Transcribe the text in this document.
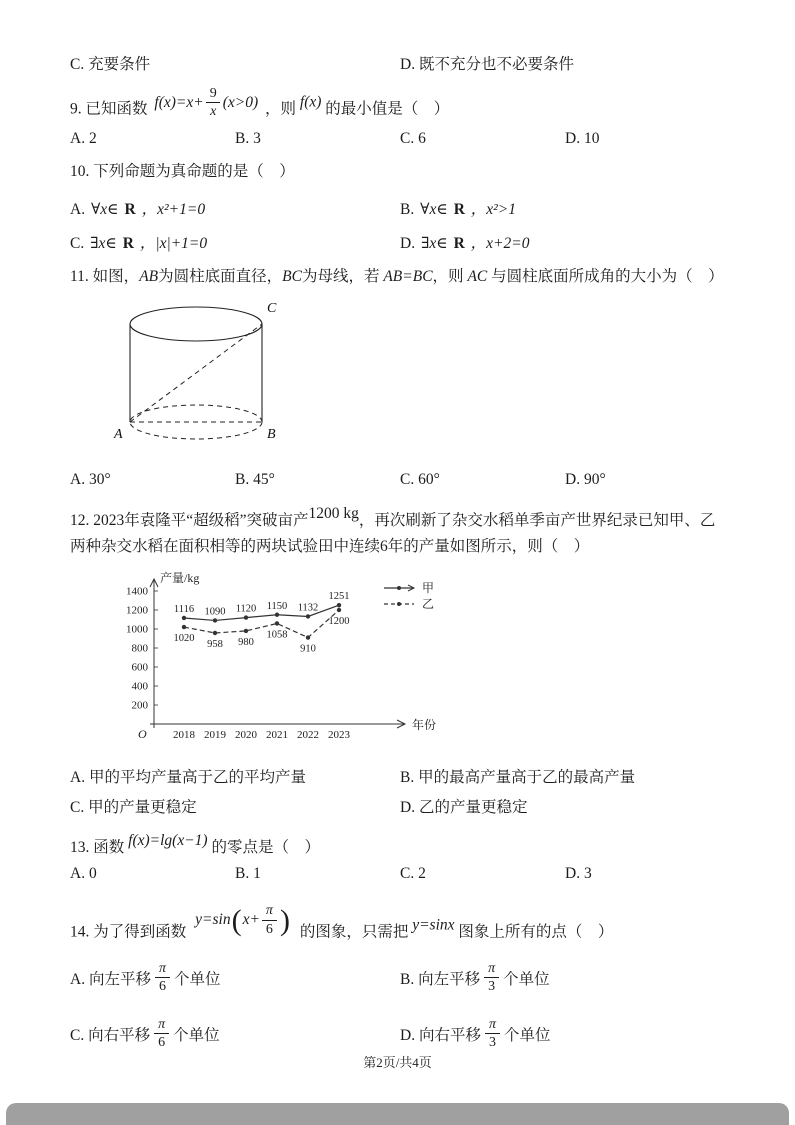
C. 充要条件	D. 既不充分也不必要条件
9. 已知函数 $f(x)=x+ \frac{9}{x} (x>0)$ ，则 f(x) 的最小值是（　）
A. 2	B. 3	C. 6	D. 10
10. 下列命题为真命题的是（　）
A. ∀x∈ R ，x²+1=0	B. ∀x∈ R ，x²>1
C. ∃x∈ R ，|x|+1=0	D. ∃x∈ R ，x+2=0
11. 如图，AB为圆柱底面直径，BC为母线，若 AB=BC，则 AC 与圆柱底面所成角的大小为（　）
A	B
C
A. 30°	B. 45°	C. 60°	D. 90°
12. 2023年袁隆平“超级稻”突破亩产1200 kg，再次刷新了杂交水稻单季亩产世界纪录已知甲、乙两种杂交水稻在面积相等的两块试验田中连续6年的产量如图所示，则（　）
产量/kg
年份
O
200
400
600
800
1000
1200
1400
2018 2019 2020 2021 2022 2023
1116 1090 1120 1150 1132
1251
甲
1020
958 980
1058
910
1200
乙
A. 甲的平均产量高于乙的平均产量	B. 甲的最高产量高于乙的最高产量
C. 甲的产量更稳定	D. 乙的产量更稳定
13. 函数 f(x)=lg(x−1) 的零点是（　）
A. 0	B. 1	C. 2	D. 3
14. 为了得到函数
y=sin ( $x+ \frac{\pi}{6}$ ) 的图象，只需把 y=sinx 图象上所有的点（　）
A. 向左平移 $\frac{\pi}{6}$ 个单位	B. 向左平移 $\frac{\pi}{3}$ 个单位
C. 向右平移 $\frac{\pi}{6}$ 个单位	D. 向右平移 $\frac{\pi}{3}$ 个单位
第2页/共4页
